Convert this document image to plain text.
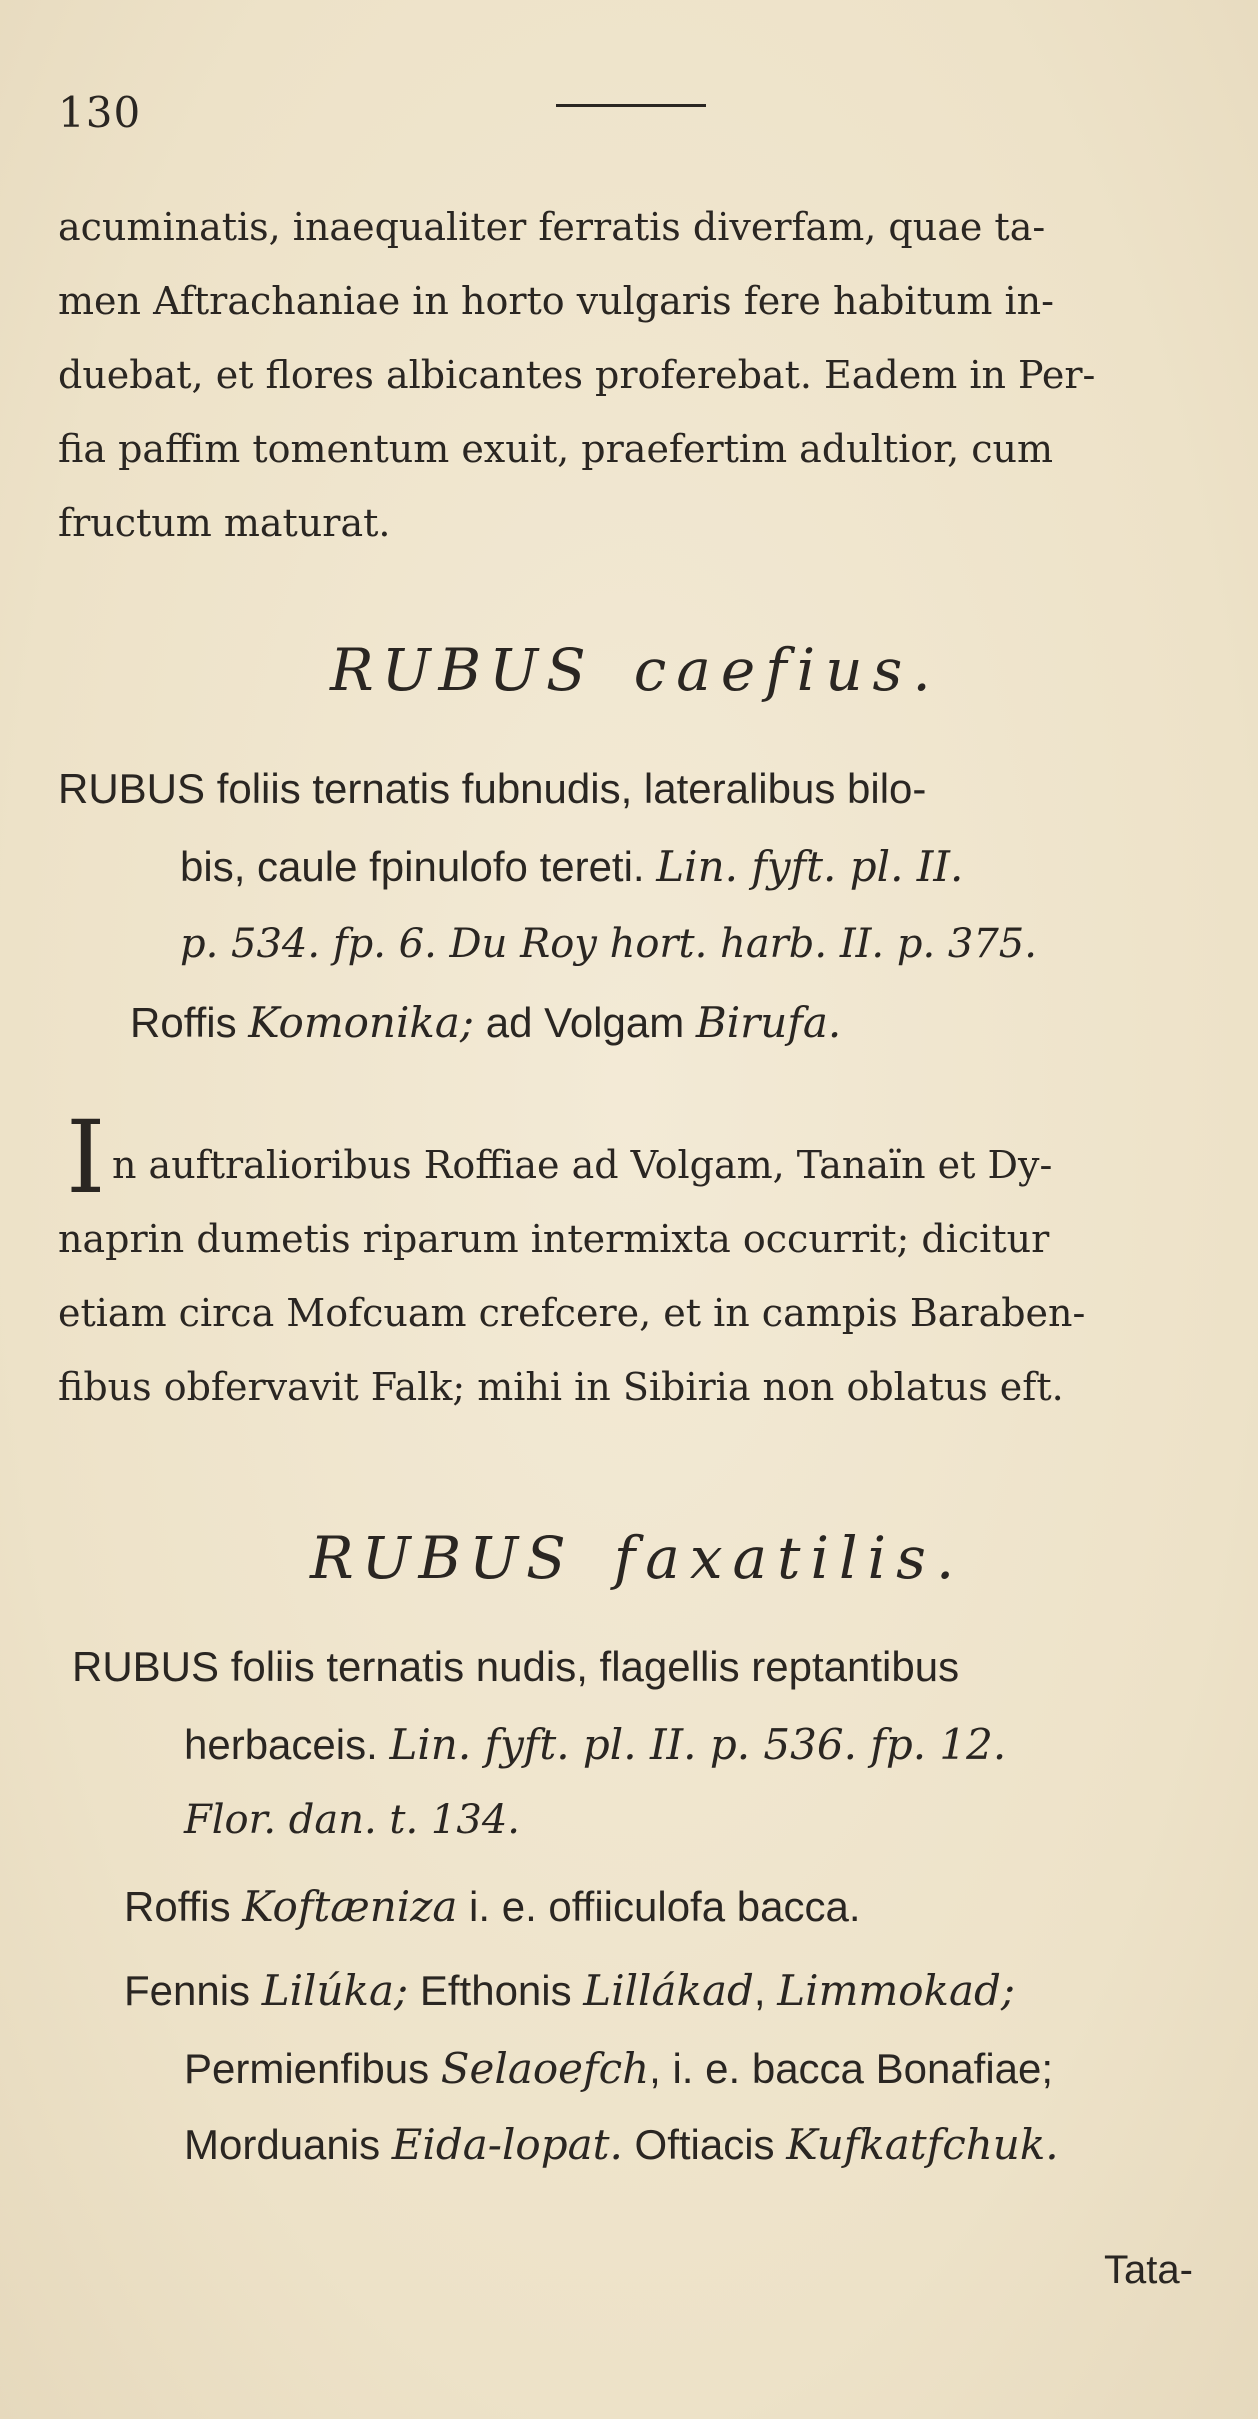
130
acuminatis, inaequaliter ferratis diverfam, quae ta-
men Aftrachaniae in horto vulgaris fere habitum in-
duebat, et flores albicantes proferebat. Eadem in Per-
fia paffim tomentum exuit, praefertim adultior, cum
fructum maturat.
RUBUS caefius.
RUBUS foliis ternatis fubnudis, lateralibus bilo-
bis, caule fpinulofo tereti. Lin. fyft. pl. II.
p. 534. fp. 6. Du Roy hort. harb. II. p. 375.
Roffis Komonika; ad Volgam Birufa.
I n auftralioribus Roffiae ad Volgam, Tanaïn et Dy-
naprin dumetis riparum intermixta occurrit; dicitur
etiam circa Mofcuam crefcere, et in campis Baraben-
fibus obfervavit Falk; mihi in Sibiria non oblatus eft.
RUBUS faxatilis.
RUBUS foliis ternatis nudis, flagellis reptantibus
herbaceis. Lin. fyft. pl. II. p. 536. fp. 12.
Flor. dan. t. 134.
Roffis Koftæniza i. e. offiiculofa bacca.
Fennis Lilúka; Efthonis Lillákad, Limmokad;
Permienfibus Selaoefch, i. e. bacca Bonafiae;
Morduanis Eida-lopat. Oftiacis Kufkatfchuk.
Tata-
